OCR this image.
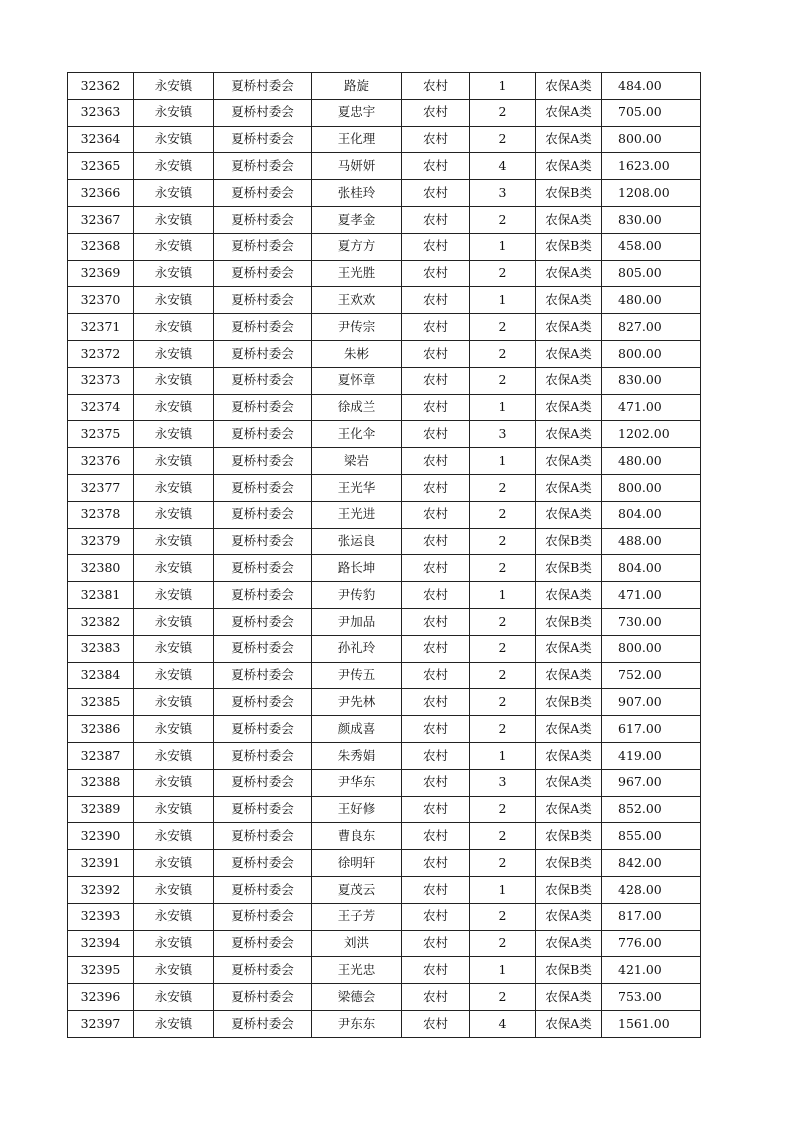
32362	永安镇	夏桥村委会	路旋	农村	1	农保A类	484.00
32363	永安镇	夏桥村委会	夏忠宇	农村	2	农保A类	705.00
32364	永安镇	夏桥村委会	王化理	农村	2	农保A类	800.00
32365	永安镇	夏桥村委会	马妍妍	农村	4	农保A类	1623.00
32366	永安镇	夏桥村委会	张桂玲	农村	3	农保B类	1208.00
32367	永安镇	夏桥村委会	夏孝金	农村	2	农保A类	830.00
32368	永安镇	夏桥村委会	夏方方	农村	1	农保B类	458.00
32369	永安镇	夏桥村委会	王光胜	农村	2	农保A类	805.00
32370	永安镇	夏桥村委会	王欢欢	农村	1	农保A类	480.00
32371	永安镇	夏桥村委会	尹传宗	农村	2	农保A类	827.00
32372	永安镇	夏桥村委会	朱彬	农村	2	农保A类	800.00
32373	永安镇	夏桥村委会	夏怀章	农村	2	农保A类	830.00
32374	永安镇	夏桥村委会	徐成兰	农村	1	农保A类	471.00
32375	永安镇	夏桥村委会	王化伞	农村	3	农保A类	1202.00
32376	永安镇	夏桥村委会	梁岩	农村	1	农保A类	480.00
32377	永安镇	夏桥村委会	王光华	农村	2	农保A类	800.00
32378	永安镇	夏桥村委会	王光进	农村	2	农保A类	804.00
32379	永安镇	夏桥村委会	张运良	农村	2	农保B类	488.00
32380	永安镇	夏桥村委会	路长坤	农村	2	农保B类	804.00
32381	永安镇	夏桥村委会	尹传豹	农村	1	农保A类	471.00
32382	永安镇	夏桥村委会	尹加品	农村	2	农保B类	730.00
32383	永安镇	夏桥村委会	孙礼玲	农村	2	农保A类	800.00
32384	永安镇	夏桥村委会	尹传五	农村	2	农保A类	752.00
32385	永安镇	夏桥村委会	尹先林	农村	2	农保B类	907.00
32386	永安镇	夏桥村委会	颜成喜	农村	2	农保A类	617.00
32387	永安镇	夏桥村委会	朱秀娟	农村	1	农保A类	419.00
32388	永安镇	夏桥村委会	尹华东	农村	3	农保A类	967.00
32389	永安镇	夏桥村委会	王好修	农村	2	农保A类	852.00
32390	永安镇	夏桥村委会	曹良东	农村	2	农保B类	855.00
32391	永安镇	夏桥村委会	徐明轩	农村	2	农保B类	842.00
32392	永安镇	夏桥村委会	夏茂云	农村	1	农保B类	428.00
32393	永安镇	夏桥村委会	王子芳	农村	2	农保A类	817.00
32394	永安镇	夏桥村委会	刘洪	农村	2	农保A类	776.00
32395	永安镇	夏桥村委会	王光忠	农村	1	农保B类	421.00
32396	永安镇	夏桥村委会	梁德会	农村	2	农保A类	753.00
32397	永安镇	夏桥村委会	尹东东	农村	4	农保A类	1561.00
